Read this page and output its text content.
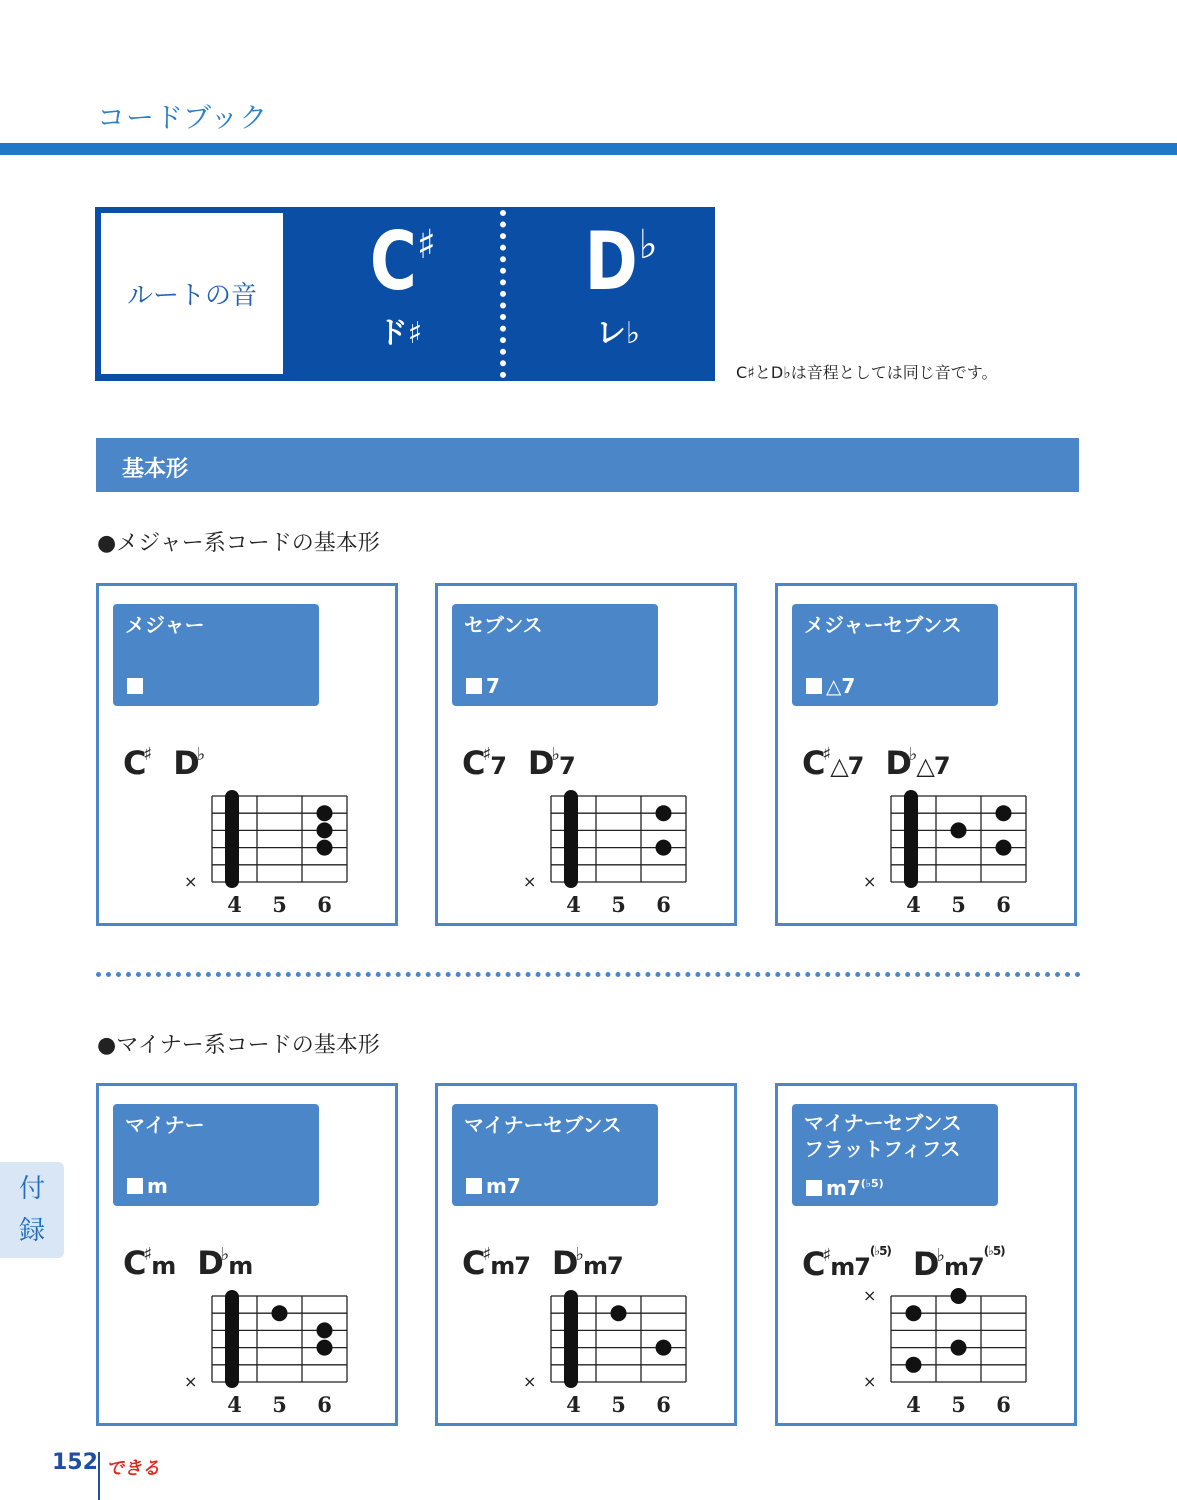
コードブック
ルートの音	C♯
ド♯
D♭
レ♭
C♯とD♭は音程としては同じ音です。
基本形
●メジャー系コードの基本形
メジャー
C♯ D♭
×
4 5 6
セブンス
7
C♯7 D♭7
×
4 5 6
メジャーセブンス
△7
C♯△7 D♭△7
×
4 5 6
●マイナー系コードの基本形
マイナー
m
C♯m D♭m
×
4 5 6
マイナーセブンス
m7
C♯m7 D♭m7
×
4 5 6
マイナーセブンス
フラットフィフス
$m7^{(♭5)}$
$C^♯m7^{(♭5)}$ $D^♭m7^{(♭5)}$
×
×
4 5 6
付
録
152 できる
